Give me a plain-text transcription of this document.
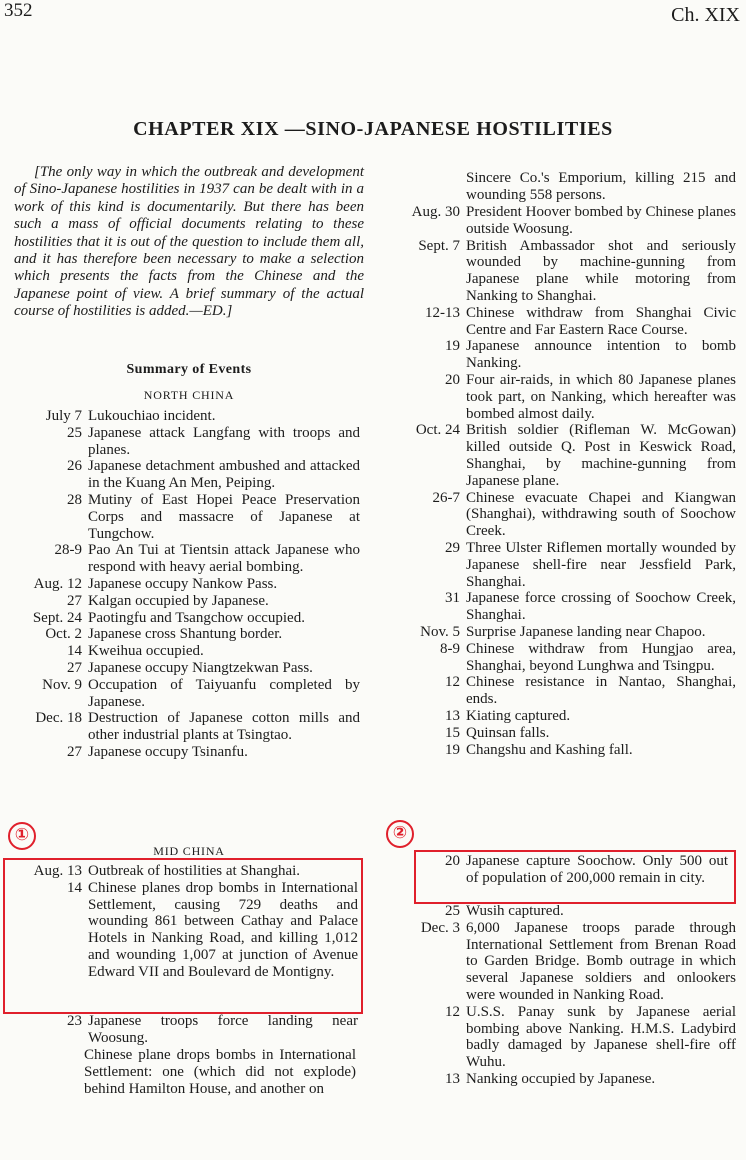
352	Ch. XIX
CHAPTER XIX —SINO-JAPANESE HOSTILITIES
[The only way in which the outbreak and development of Sino-Japanese hostilities in 1937 can be dealt with in a work of this kind is documentarily. But there has been such a mass of official documents relating to these hostilities that it is out of the question to include them all, and it has therefore been necessary to make a selection which presents the facts from the Chinese and the Japanese point of view. A brief summary of the actual course of hostilities is added.—ED.]
Summary of Events
NORTH CHINA
July 7 Lukouchiao incident.
25 Japanese attack Langfang with troops and planes.
26 Japanese detachment ambushed and attacked in the Kuang An Men, Peiping.
28 Mutiny of East Hopei Peace Preservation Corps and massacre of Japanese at Tungchow.
28-9 Pao An Tui at Tientsin attack Japanese who respond with heavy aerial bombing.
Aug. 12 Japanese occupy Nankow Pass.
27 Kalgan occupied by Japanese.
Sept. 24 Paotingfu and Tsangchow occupied.
Oct. 2 Japanese cross Shantung border.
14 Kweihua occupied.
27 Japanese occupy Niangtzekwan Pass.
Nov. 9 Occupation of Taiyuanfu completed by Japanese.
Dec. 18 Destruction of Japanese cotton mills and other industrial plants at Tsingtao.
27 Japanese occupy Tsinanfu.
MID CHINA
①
Aug. 13 Outbreak of hostilities at Shanghai.
14 Chinese planes drop bombs in International Settlement, causing 729 deaths and wounding 861 between Cathay and Palace Hotels in Nanking Road, and killing 1,012 and wounding 1,007 at junction of Avenue Edward VII and Boulevard de Montigny.
23 Japanese troops force landing near Woosung.
Chinese plane drops bombs in International Settlement: one (which did not explode) behind Hamilton House, and another on
Sincere Co.'s Emporium, killing 215 and wounding 558 persons.
Aug. 30 President Hoover bombed by Chinese planes outside Woosung.
Sept. 7 British Ambassador shot and seriously wounded by machine-gunning from Japanese plane while motoring from Nanking to Shanghai.
12-13 Chinese withdraw from Shanghai Civic Centre and Far Eastern Race Course.
19 Japanese announce intention to bomb Nanking.
20 Four air-raids, in which 80 Japanese planes took part, on Nanking, which hereafter was bombed almost daily.
Oct. 24 British soldier (Rifleman W. McGowan) killed outside Q. Post in Keswick Road, Shanghai, by machine-gunning from Japanese plane.
26-7 Chinese evacuate Chapei and Kiangwan (Shanghai), withdrawing south of Soochow Creek.
29 Three Ulster Riflemen mortally wounded by Japanese shell-fire near Jessfield Park, Shanghai.
31 Japanese force crossing of Soochow Creek, Shanghai.
Nov. 5 Surprise Japanese landing near Chapoo.
8-9 Chinese withdraw from Hungjao area, Shanghai, beyond Lunghwa and Tsingpu.
12 Chinese resistance in Nantao, Shanghai, ends.
13 Kiating captured.
15 Quinsan falls.
19 Changshu and Kashing fall.
②
20 Japanese capture Soochow. Only 500 out of population of 200,000 remain in city.
25 Wusih captured.
Dec. 3 6,000 Japanese troops parade through International Settlement from Brenan Road to Garden Bridge. Bomb outrage in which several Japanese soldiers and onlookers were wounded in Nanking Road.
12 U.S.S. Panay sunk by Japanese aerial bombing above Nanking. H.M.S. Ladybird badly damaged by Japanese shell-fire off Wuhu.
13 Nanking occupied by Japanese.
